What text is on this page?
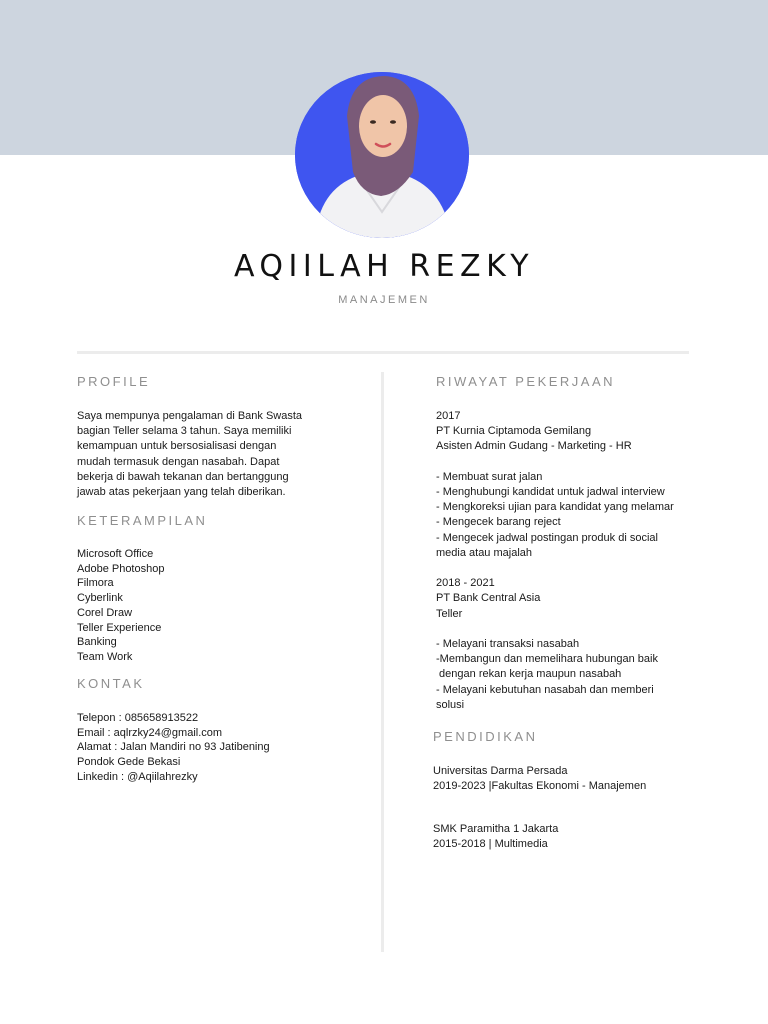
AQIILAH REZKY
MANAJEMEN
PROFILE
Saya mempunya pengalaman di Bank Swasta
bagian Teller selama 3 tahun. Saya memiliki
kemampuan untuk bersosialisasi dengan
mudah termasuk dengan nasabah. Dapat
bekerja di bawah tekanan dan bertanggung
jawab atas pekerjaan yang telah diberikan.
KETERAMPILAN
Microsoft Office
Adobe Photoshop
Filmora
Cyberlink
Corel Draw
Teller Experience
Banking
Team Work
KONTAK
Telepon : 085658913522
Email : aqlrzky24@gmail.com
Alamat : Jalan Mandiri no 93 Jatibening
Pondok Gede Bekasi
Linkedin : @Aqiilahrezky
RIWAYAT PEKERJAAN
2017
PT Kurnia Ciptamoda Gemilang
Asisten Admin Gudang - Marketing - HR

- Membuat surat jalan
- Menghubungi kandidat untuk jadwal interview
- Mengkoreksi ujian para kandidat yang melamar
- Mengecek barang reject
- Mengecek jadwal postingan produk di social
media atau majalah

2018 - 2021
PT Bank Central Asia
Teller

- Melayani transaksi nasabah
-Membangun dan memelihara hubungan baik
dengan rekan kerja maupun nasabah
- Melayani kebutuhan nasabah dan memberi
solusi
PENDIDIKAN
Universitas Darma Persada
2019-2023 |Fakultas Ekonomi - Manajemen
SMK Paramitha 1 Jakarta
2015-2018 | Multimedia
